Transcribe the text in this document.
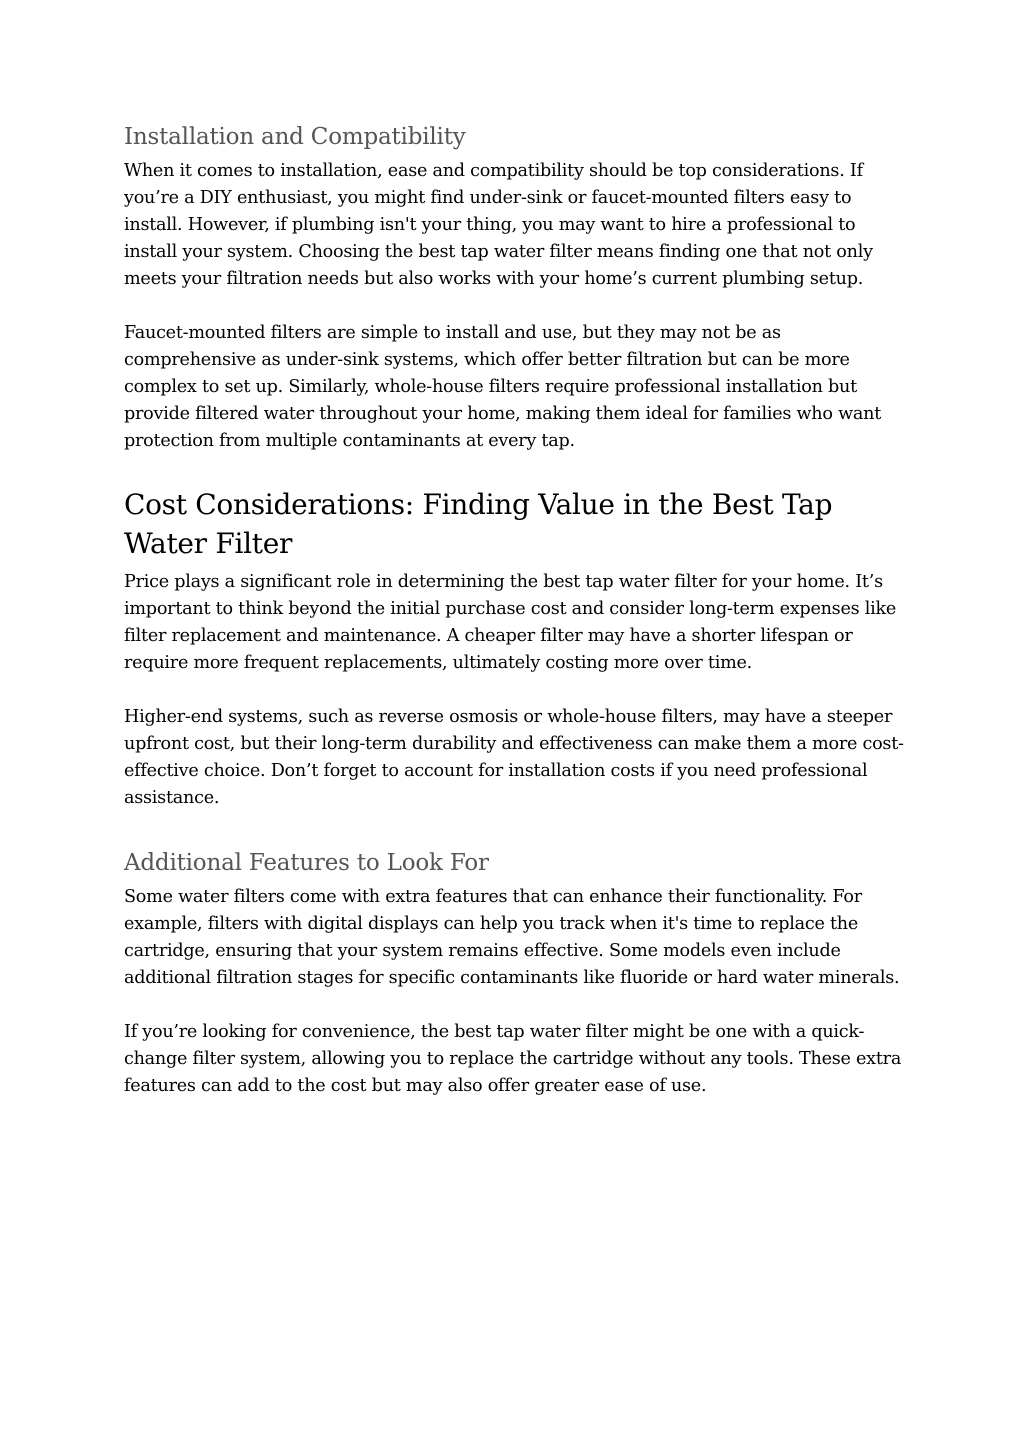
Installation and Compatibility

When it comes to installation, ease and compatibility should be top considerations. If you’re a DIY enthusiast, you might find under-sink or faucet-mounted filters easy to install. However, if plumbing isn't your thing, you may want to hire a professional to install your system. Choosing the best tap water filter means finding one that not only meets your filtration needs but also works with your home’s current plumbing setup.

Faucet-mounted filters are simple to install and use, but they may not be as comprehensive as under-sink systems, which offer better filtration but can be more complex to set up. Similarly, whole-house filters require professional installation but provide filtered water throughout your home, making them ideal for families who want protection from multiple contaminants at every tap.

Cost Considerations: Finding Value in the Best Tap Water Filter

Price plays a significant role in determining the best tap water filter for your home. It’s important to think beyond the initial purchase cost and consider long-term expenses like filter replacement and maintenance. A cheaper filter may have a shorter lifespan or require more frequent replacements, ultimately costing more over time.

Higher-end systems, such as reverse osmosis or whole-house filters, may have a steeper upfront cost, but their long-term durability and effectiveness can make them a more cost-effective choice. Don’t forget to account for installation costs if you need professional assistance.

Additional Features to Look For

Some water filters come with extra features that can enhance their functionality. For example, filters with digital displays can help you track when it's time to replace the cartridge, ensuring that your system remains effective. Some models even include additional filtration stages for specific contaminants like fluoride or hard water minerals.

If you’re looking for convenience, the best tap water filter might be one with a quick-change filter system, allowing you to replace the cartridge without any tools. These extra features can add to the cost but may also offer greater ease of use.
